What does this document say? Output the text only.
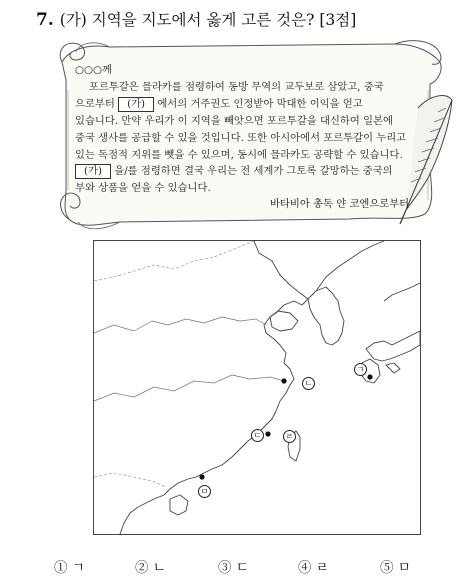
7. (가) 지역을 지도에서 옳게 고른 것은? [3점]
○○○께
포르투갈은 믈라카를 점령하여 동방 무역의 교두보로 삼았고, 중국
으로부터 (가) 에서의 거주권도 인정받아 막대한 이익을 얻고
있습니다. 만약 우리가 이 지역을 빼앗으면 포르투갈을 대신하여 일본에
중국 생사를 공급할 수 있을 것입니다. 또한 아시아에서 포르투갈이 누리고
있는 독점적 지위를 뺏을 수 있으며, 동시에 믈라카도 공략할 수 있습니다.
(가) 을/를 점령하면 결국 우리는 전 세계가 그토록 갈망하는 중국의
부와 상품을 얻을 수 있습니다.
바타비아 총독 얀 코엔으로부터
ㄱ
ㄴ
ㄷ	ㄹ
ㅁ
① ㄱ	② ㄴ	③ ㄷ	④ ㄹ	⑤ ㅁ
